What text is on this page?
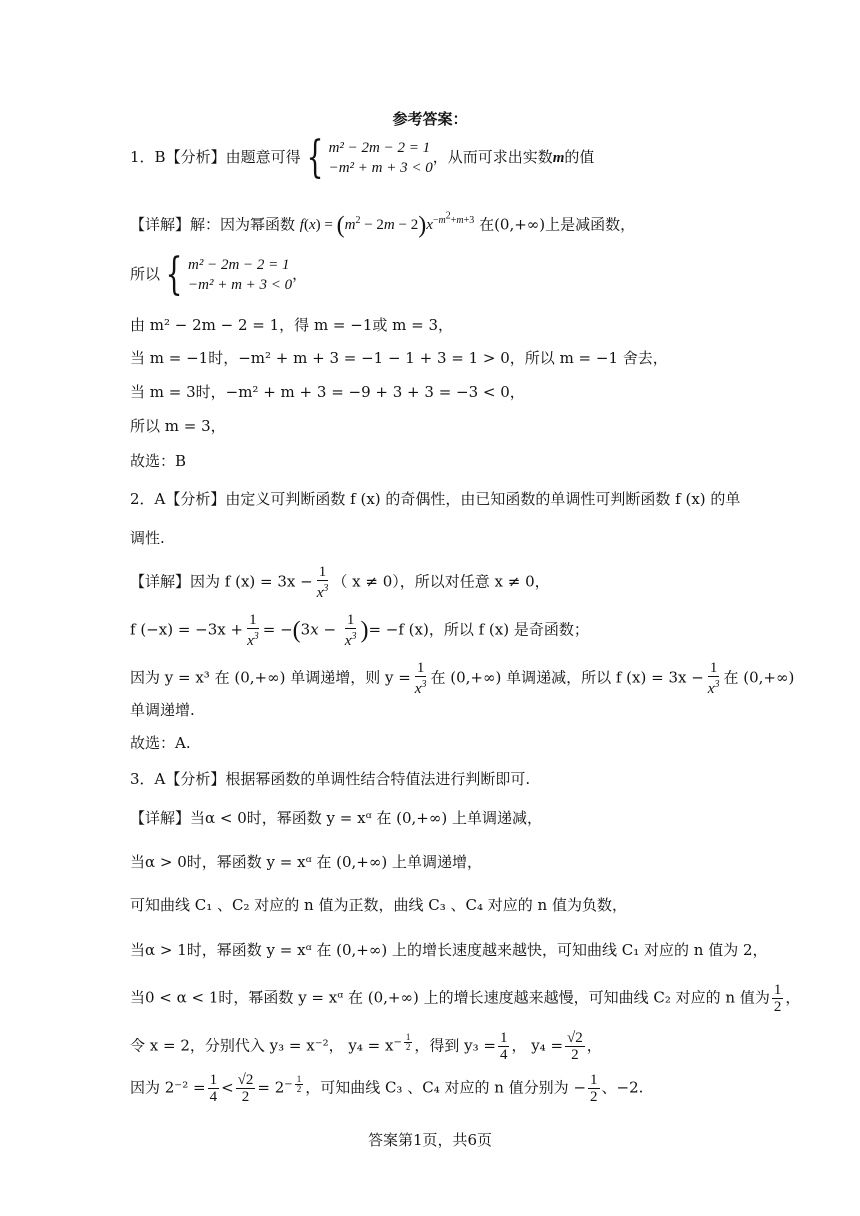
参考答案：
1．B【分析】由题意可得 { m² − 2m − 2 = 1
−m² + m + 3 < 0
，从而可求出实数m的值
【详解】解：因为幂函数 $f(x) = (m^2 - 2m - 2)x^{-m^2+m+3}$ 在(0,+∞)上是减函数，
所以 { m² − 2m − 2 = 1
−m² + m + 3 < 0
，
由 m² − 2m − 2 = 1，得 m = −1或 m = 3，
当 m = −1时，−m² + m + 3 = −1 − 1 + 3 = 1 > 0，所以 m = −1 舍去，
当 m = 3时，−m² + m + 3 = −9 + 3 + 3 = −3 < 0，
所以 m = 3，
故选：B
2．A【分析】由定义可判断函数 f (x) 的奇偶性，由已知函数的单调性可判断函数 f (x) 的单
调性.
【详解】因为 f $(x) = 3x - \frac{1}{x^3}$ （ x ≠ 0），所以对任意 x ≠ 0，
f $(-x) = -3x + \frac{1}{x^3} = -(3x - \frac{1}{x^3}$ )= −f (x)，所以 f (x) 是奇函数；
因为 y = x³ 在 (0,+∞) 单调递增，则 $y = \frac{1}{x^3}$ 在 (0,+∞) 单调递减，所以 f $(x) = 3x - \frac{1}{x^3}$ 在 (0,+∞)
单调递增.
故选：A.
3．A【分析】根据幂函数的单调性结合特值法进行判断即可.
【详解】当α < 0时，幂函数 y = xᵅ 在 (0,+∞) 上单调递减，
当α > 0时，幂函数 y = xᵅ 在 (0,+∞) 上单调递增，
可知曲线 C₁ 、C₂ 对应的 n 值为正数，曲线 C₃ 、C₄ 对应的 n 值为负数，
当α > 1时，幂函数 y = xᵅ 在 (0,+∞) 上的增长速度越来越快，可知曲线 C₁ 对应的 n 值为 2，
当0 < α < 1时，幂函数 y = xᵅ 在 (0,+∞) 上的增长速度越来越慢，可知曲线 C₂ 对应的 n 值为 $\frac{1}{2}$ ，
令 x = 2，分别代入 y₃ = x⁻²， $y_4 = x^{- \frac{1}{2}}$ ，得到 $y_3 = \frac{1}{4}$ ， $y_4 = \frac{√2}{2}$ ，
因为 $2^{-2} = \frac{1}{4} < \frac{√2}{2} = 2^{- \frac{1}{2}}$ ，可知曲线 C₃ 、C₄ 对应的 n 值分别为 − $\frac{1}{2}$ 、−2.
答案第1页，共6页
